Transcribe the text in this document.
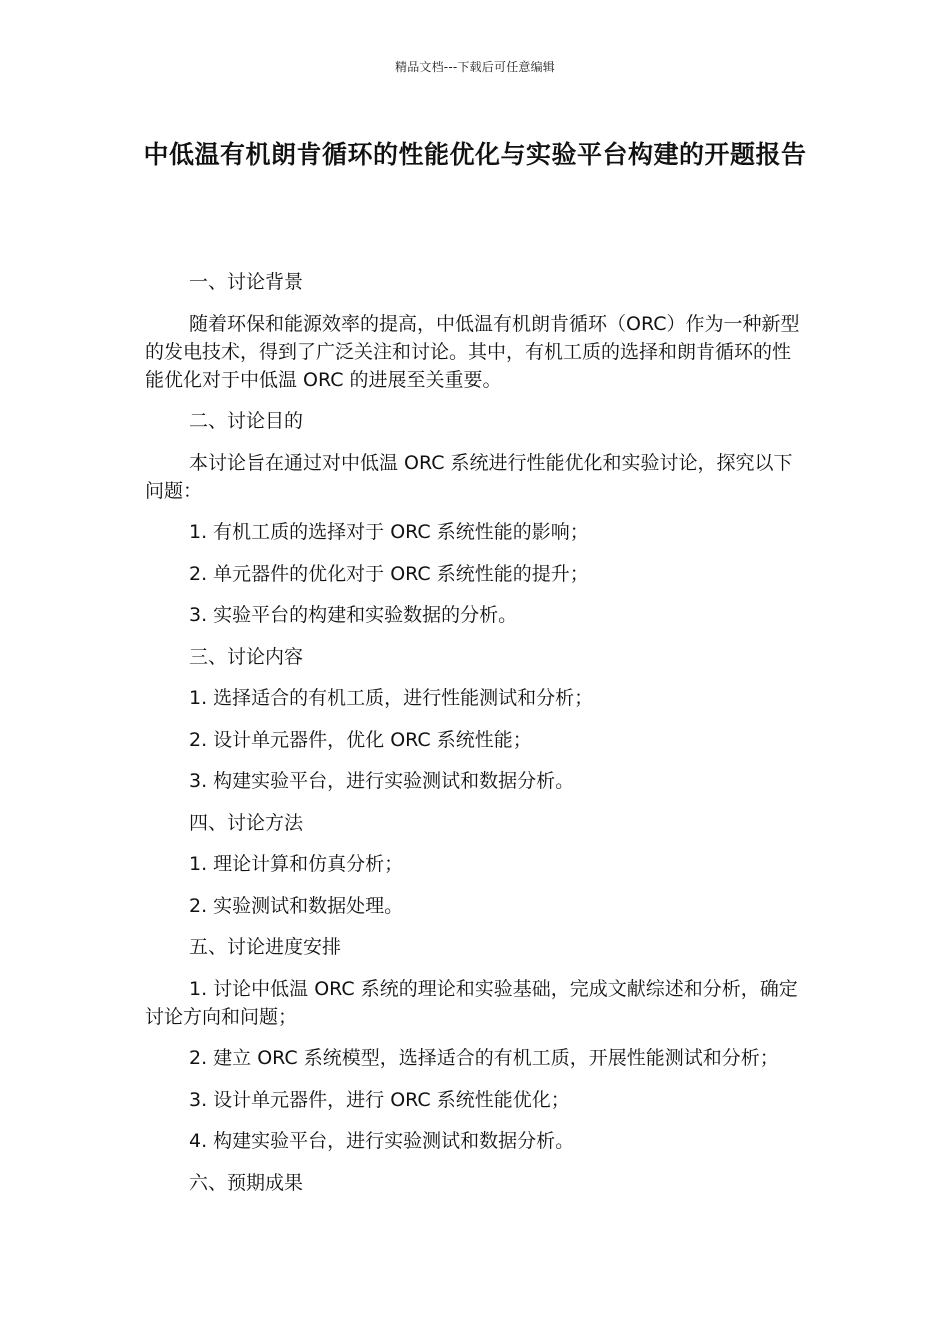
精品文档---下载后可任意编辑
中低温有机朗肯循环的性能优化与实验平台构建的开题报告

一、讨论背景

随着环保和能源效率的提高，中低温有机朗肯循环（ORC）作为一种新型的发电技术，得到了广泛关注和讨论。其中，有机工质的选择和朗肯循环的性能优化对于中低温 ORC 的进展至关重要。

二、讨论目的

本讨论旨在通过对中低温 ORC 系统进行性能优化和实验讨论，探究以下问题：

1. 有机工质的选择对于 ORC 系统性能的影响；

2. 单元器件的优化对于 ORC 系统性能的提升；

3. 实验平台的构建和实验数据的分析。

三、讨论内容

1. 选择适合的有机工质，进行性能测试和分析；

2. 设计单元器件，优化 ORC 系统性能；

3. 构建实验平台，进行实验测试和数据分析。

四、讨论方法

1. 理论计算和仿真分析；

2. 实验测试和数据处理。

五、讨论进度安排

1. 讨论中低温 ORC 系统的理论和实验基础，完成文献综述和分析，确定讨论方向和问题；

2. 建立 ORC 系统模型，选择适合的有机工质，开展性能测试和分析；

3. 设计单元器件，进行 ORC 系统性能优化；

4. 构建实验平台，进行实验测试和数据分析。

六、预期成果
